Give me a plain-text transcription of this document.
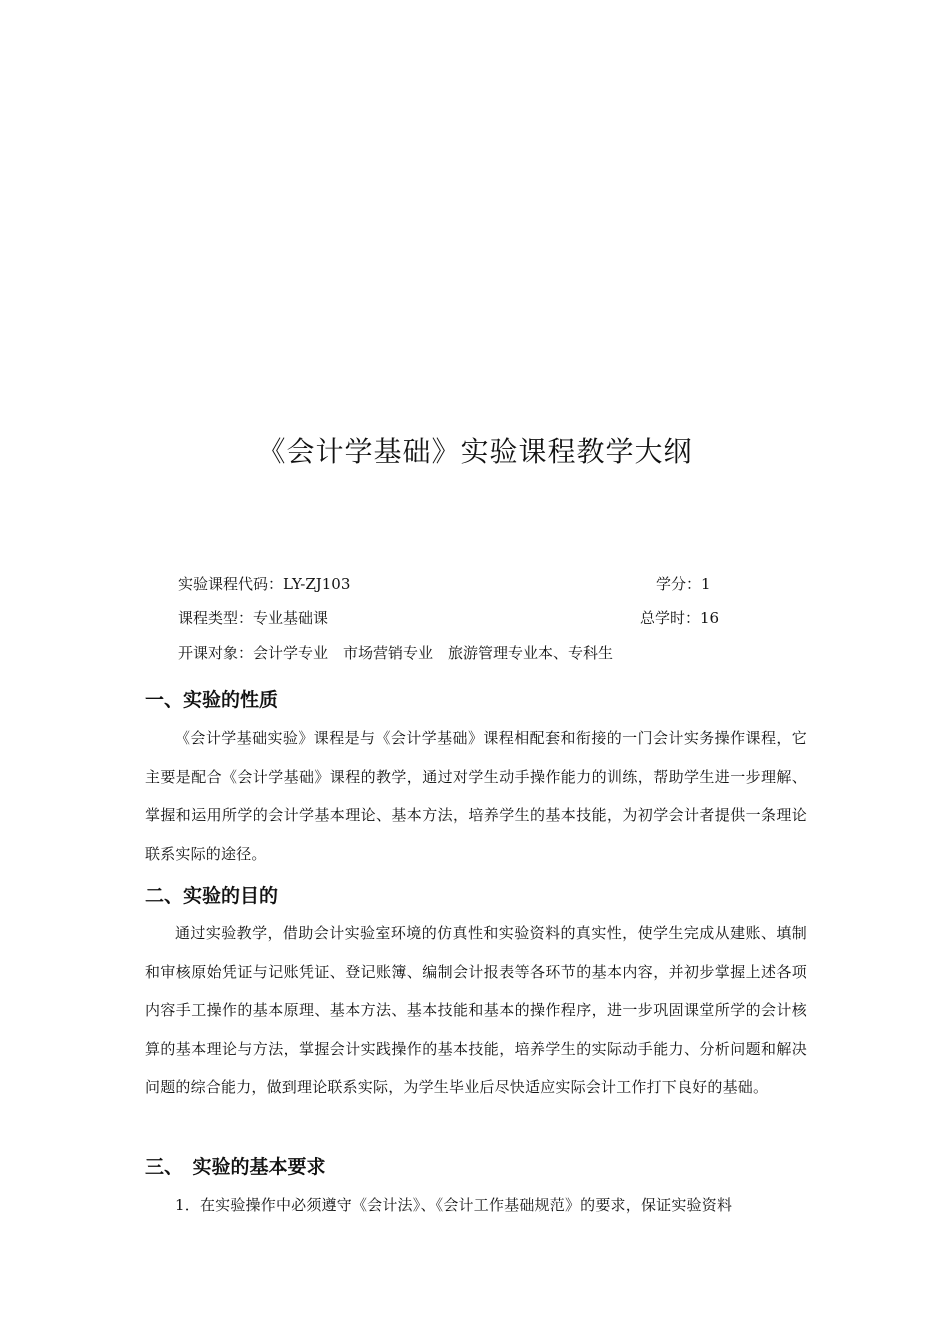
《会计学基础》实验课程教学大纲
实验课程代码：LY-ZJ103	学分：1
课程类型：专业基础课	总学时：16
开课对象：会计学专业　市场营销专业　旅游管理专业本、专科生
一、实验的性质

《会计学基础实验》课程是与《会计学基础》课程相配套和衔接的一门会计实务操作课程，它主要是配合《会计学基础》课程的教学，通过对学生动手操作能力的训练，帮助学生进一步理解、掌握和运用所学的会计学基本理论、基本方法，培养学生的基本技能，为初学会计者提供一条理论联系实际的途径。

二、实验的目的

通过实验教学，借助会计实验室环境的仿真性和实验资料的真实性，使学生完成从建账、填制和审核原始凭证与记账凭证、登记账簿、编制会计报表等各环节的基本内容，并初步掌握上述各项内容手工操作的基本原理、基本方法、基本技能和基本的操作程序，进一步巩固课堂所学的会计核算的基本理论与方法，掌握会计实践操作的基本技能，培养学生的实际动手能力、分析问题和解决问题的综合能力，做到理论联系实际，为学生毕业后尽快适应实际会计工作打下良好的基础。

三、　实验的基本要求

1．在实验操作中必须遵守《会计法》、《会计工作基础规范》的要求，保证实验资料
